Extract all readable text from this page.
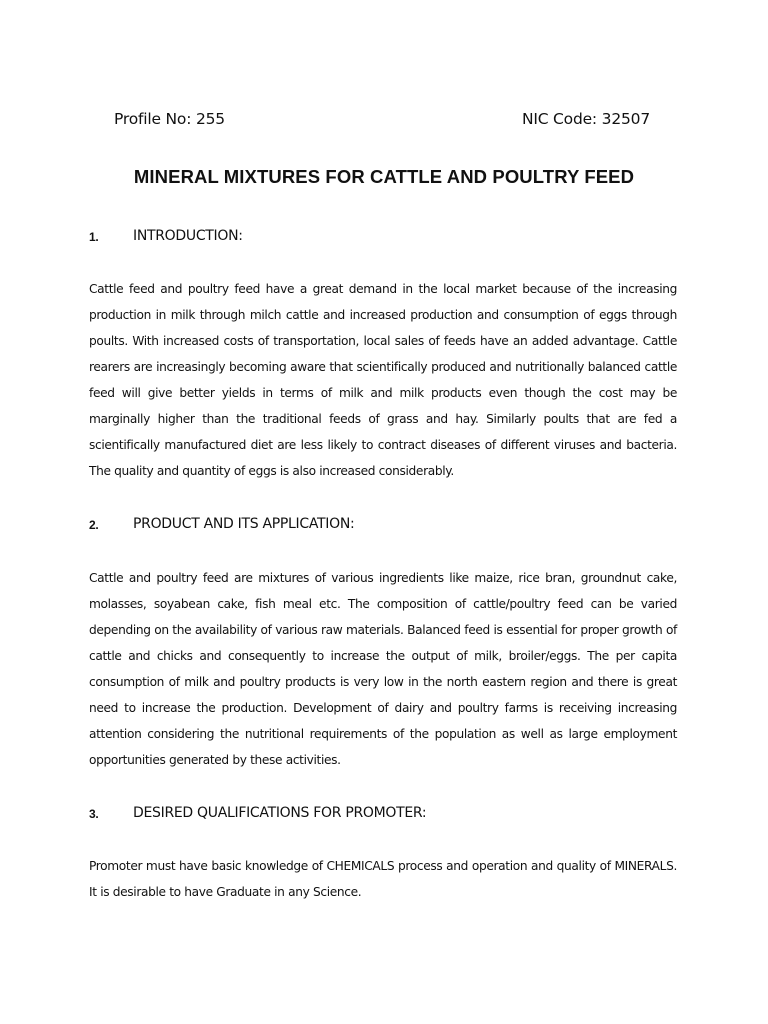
Profile No: 255	NIC Code: 32507
MINERAL MIXTURES FOR CATTLE AND POULTRY FEED
1.	INTRODUCTION:
Cattle feed and poultry feed have a great demand in the local market because of the increasing production in milk through milch cattle and increased production and consumption of eggs through poults. With increased costs of transportation, local sales of feeds have an added advantage. Cattle rearers are increasingly becoming aware that scientifically produced and nutritionally balanced cattle feed will give better yields in terms of milk and milk products even though the cost may be marginally higher than the traditional feeds of grass and hay. Similarly poults that are fed a scientifically manufactured diet are less likely to contract diseases of different viruses and bacteria. The quality and quantity of eggs is also increased considerably.
2.	PRODUCT AND ITS APPLICATION:
Cattle and poultry feed are mixtures of various ingredients like maize, rice bran, groundnut cake, molasses, soyabean cake, fish meal etc. The composition of cattle/poultry feed can be varied depending on the availability of various raw materials. Balanced feed is essential for proper growth of cattle and chicks and consequently to increase the output of milk, broiler/eggs. The per capita consumption of milk and poultry products is very low in the north eastern region and there is great need to increase the production. Development of dairy and poultry farms is receiving increasing attention considering the nutritional requirements of the population as well as large employment opportunities generated by these activities.
3.	DESIRED QUALIFICATIONS FOR PROMOTER:
Promoter must have basic knowledge of CHEMICALS process and operation and quality of MINERALS. It is desirable to have Graduate in any Science.
